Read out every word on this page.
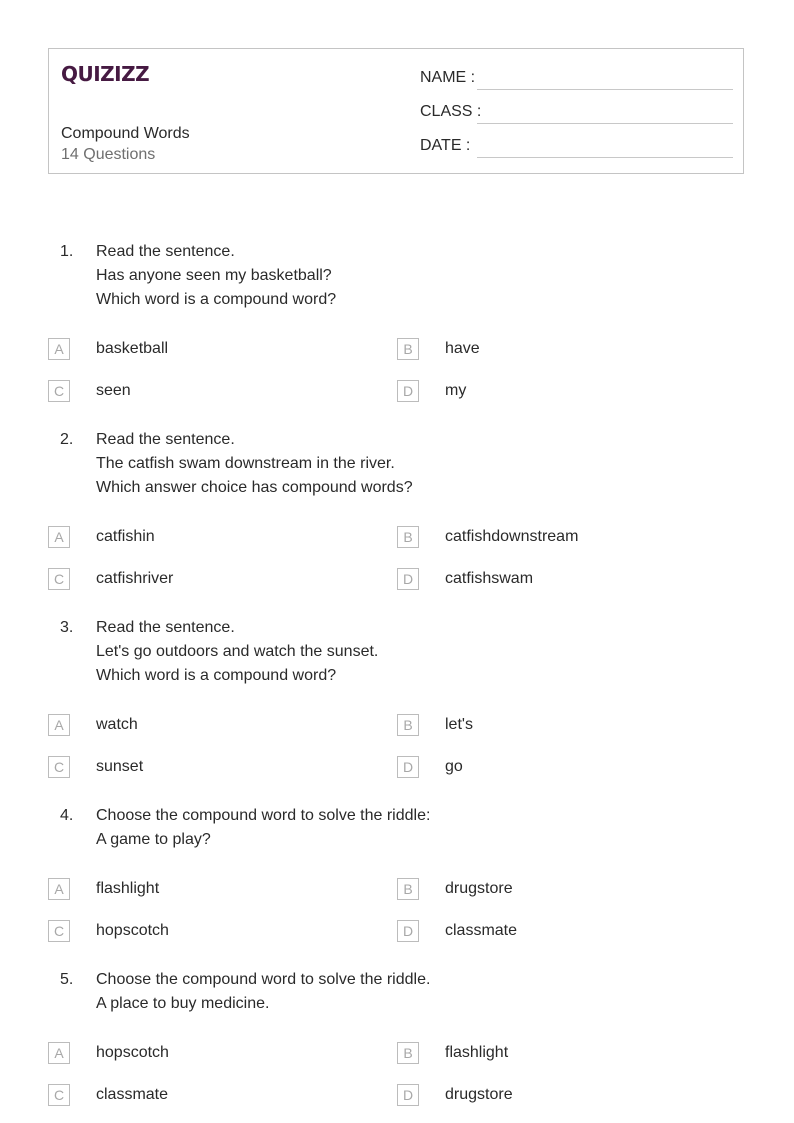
QUIZIZZ
Compound Words
14 Questions
NAME :
CLASS :
DATE :
1. Read the sentence.
Has anyone seen my basketball?
Which word is a compound word?
A	basketball	B	have
C	seen	D	my
2. Read the sentence.
The catfish swam downstream in the river.
Which answer choice has compound words?
A	catfishin	B	catfishdownstream
C	catfishriver	D	catfishswam
3. Read the sentence.
Let's go outdoors and watch the sunset.
Which word is a compound word?
A	watch	B	let's
C	sunset	D	go
4. Choose the compound word to solve the riddle:
A game to play?
A	flashlight	B	drugstore
C	hopscotch	D	classmate
5. Choose the compound word to solve the riddle.
A place to buy medicine.
A	hopscotch	B	flashlight
C	classmate	D	drugstore
